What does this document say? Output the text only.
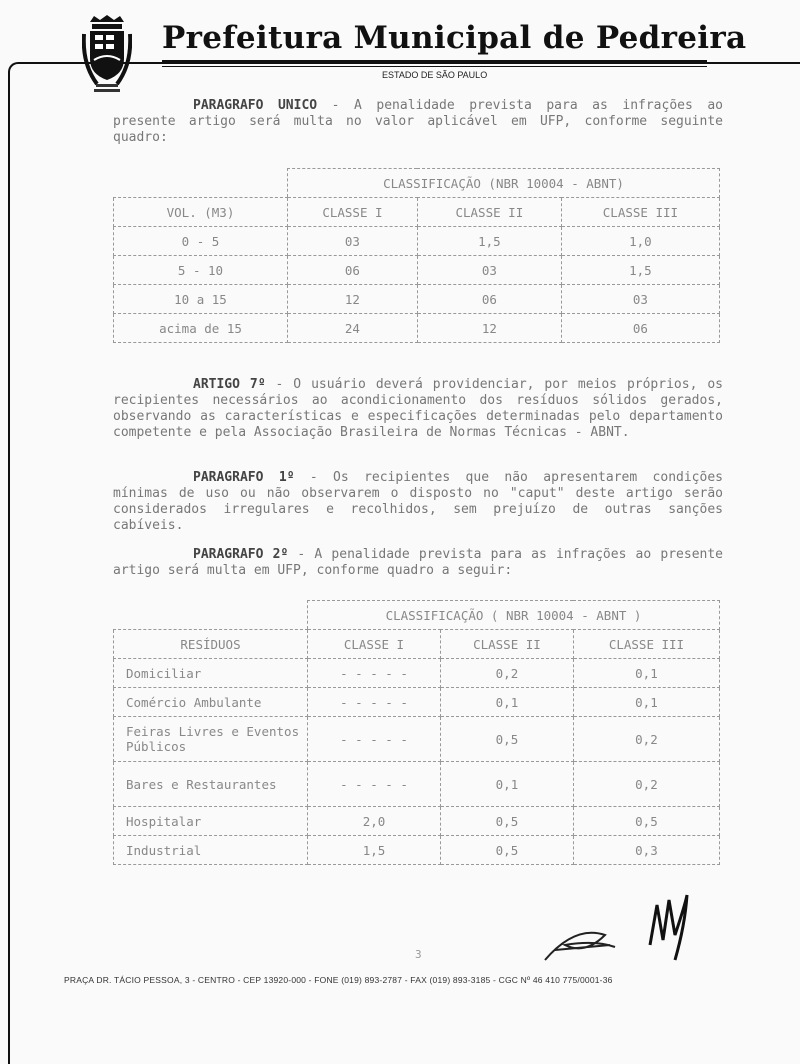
Prefeitura Municipal de Pedreira
ESTADO DE SÃO PAULO
PARAGRAFO UNICO - A penalidade prevista para as infrações ao presente artigo será multa no valor aplicável em UFP, conforme seguinte quadro:
	CLASSIFICAÇÃO (NBR 10004 - ABNT)		
VOL. (M3)	CLASSE I	CLASSE II	CLASSE III
0 - 5	03	1,5	1,0
5 - 10	06	03	1,5
10 a 15	12	06	03
acima de 15	24	12	06
ARTIGO 7º - O usuário deverá providenciar, por meios próprios, os recipientes necessários ao acondicionamento dos resíduos sólidos gerados, observando as características e especificações determinadas pelo departamento competente e pela Associação Brasileira de Normas Técnicas - ABNT.
PARAGRAFO 1º - Os recipientes que não apresentarem condições mínimas de uso ou não observarem o disposto no "caput" deste artigo serão considerados irregulares e recolhidos, sem prejuízo de outras sanções cabíveis.
PARAGRAFO 2º - A penalidade prevista para as infrações ao presente artigo será multa em UFP, conforme quadro a seguir:
	CLASSIFICAÇÃO ( NBR 10004 - ABNT )		
RESÍDUOS	CLASSE I	CLASSE II	CLASSE III
Domiciliar	- - - - -	0,2	0,1
Comércio Ambulante	- - - - -	0,1	0,1
Feiras Livres e Eventos Públicos	- - - - -	0,5	0,2
Bares e Restaurantes	- - - - -	0,1	0,2
Hospitalar	2,0	0,5	0,5
Industrial	1,5	0,5	0,3
3
PRAÇA DR. TÁCIO PESSOA, 3 - CENTRO - CEP 13920-000 - FONE (019) 893-2787 - FAX (019) 893-3185 - CGC Nº 46 410 775/0001-36
